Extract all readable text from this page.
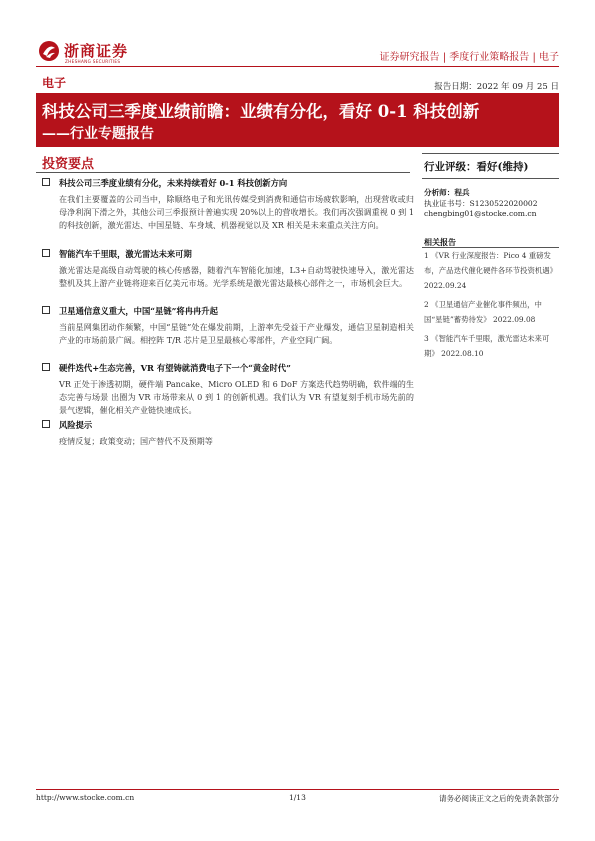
浙商证券
ZHESHANG SECURITIES	证券研究报告 | 季度行业策略报告 | 电子
电子	报告日期：2022 年 09 月 25 日
科技公司三季度业绩前瞻：业绩有分化，看好 0-1 科技创新
——行业专题报告
投资要点
科技公司三季度业绩有分化，未来持续看好 0-1 科技创新方向
在我们主要覆盖的公司当中，除顺络电子和光讯传媒受到消费和通信市场疲软影响，出现营收或归母净利润下滑之外，其他公司三季报预计普遍实现 20%以上的营收增长。我们再次强调重视 0 到 1 的科技创新，激光雷达、中国星链、车身域、机器视觉以及 XR 相关是未来重点关注方向。
智能汽车千里眼，激光雷达未来可期
激光雷达是高级自动驾驶的核心传感器，随着汽车智能化加速，L3+自动驾驶快速导入，激光雷达整机及其上游产业链将迎来百亿美元市场。光学系统是激光雷达最核心部件之一，市场机会巨大。
卫星通信意义重大，中国“星链”将冉冉升起
当前星网集团动作频繁，中国“星链”处在爆发前期，上游率先受益于产业爆发，通信卫星制造相关产业的市场前景广阔。相控阵 T/R 芯片是卫星最核心零部件，产业空间广阔。
硬件迭代+生态完善，VR 有望铸就消费电子下一个“黄金时代”
VR 正处于渗透初期，硬件端 Pancake、Micro OLED 和 6 DoF 方案迭代趋势明确，软件端的生态完善与场景 出圈为 VR 市场带来从 0 到 1 的创新机遇。我们认为 VR 有望复刻手机市场先前的景气逻辑，催化相关产业链快速成长。
风险提示
疫情反复；政策变动；国产替代不及预期等
行业评级：看好(维持)
分析师：程兵
执业证书号：S1230522020002
chengbing01@stocke.com.cn
相关报告
1 《VR 行业深度报告：Pico 4 重磅发布，产品迭代催化硬件各环节投资机遇》 2022.09.24
2 《卫星通信产业催化事件频出，中国“星链”蓄势待发》 2022.09.08
3 《智能汽车千里眼，激光雷达未来可期》 2022.08.10
http://www.stocke.com.cn	1/13	请务必阅读正文之后的免责条款部分
